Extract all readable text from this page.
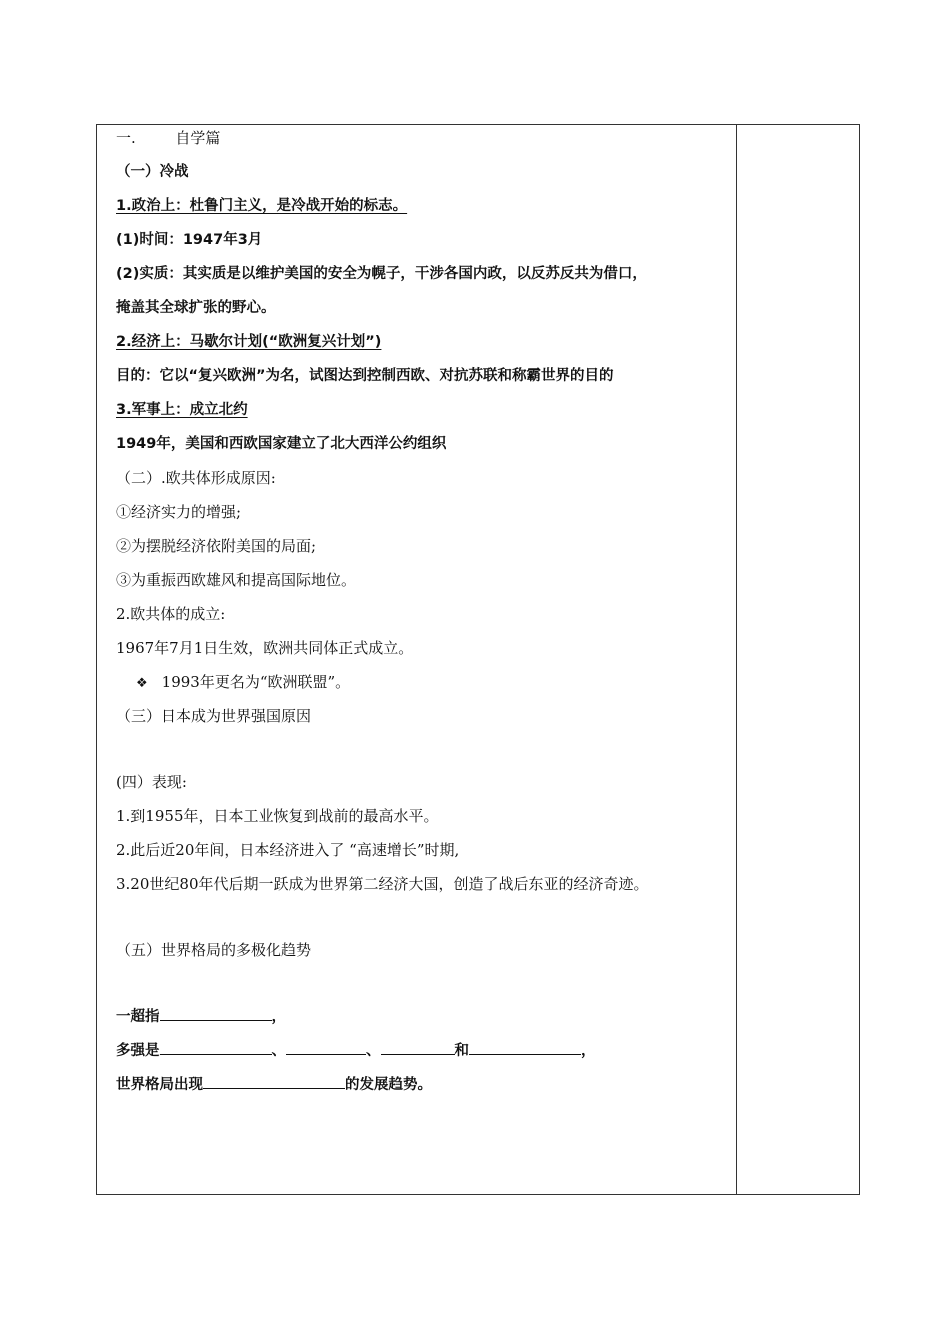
一.	自学篇
（一）冷战
1.政治上：杜鲁门主义，是冷战开始的标志。
(1)时间：1947年3月
(2)实质：其实质是以维护美国的安全为幌子，干涉各国内政，以反苏反共为借口，
掩盖其全球扩张的野心。
2.经济上：马歇尔计划(“欧洲复兴计划”)
目的：它以“复兴欧洲”为名，试图达到控制西欧、对抗苏联和称霸世界的目的
3.军事上：成立北约
1949年，美国和西欧国家建立了北大西洋公约组织
（二）.欧共体形成原因:
①经济实力的增强;
②为摆脱经济依附美国的局面;
③为重振西欧雄风和提高国际地位。
2.欧共体的成立:
1967年7月1日生效，欧洲共同体正式成立。
❖ 1993年更名为“欧洲联盟”。
（三）日本成为世界强国原因
(四）表现:
1.到1955年，日本工业恢复到战前的最高水平。
2.此后近20年间，日本经济进入了 “高速增长”时期,
3.20世纪80年代后期一跃成为世界第二经济大国，创造了战后东亚的经济奇迹。
（五）世界格局的多极化趋势
一超指	，
多强是	、	、	和	，
世界格局出现	的发展趋势。
